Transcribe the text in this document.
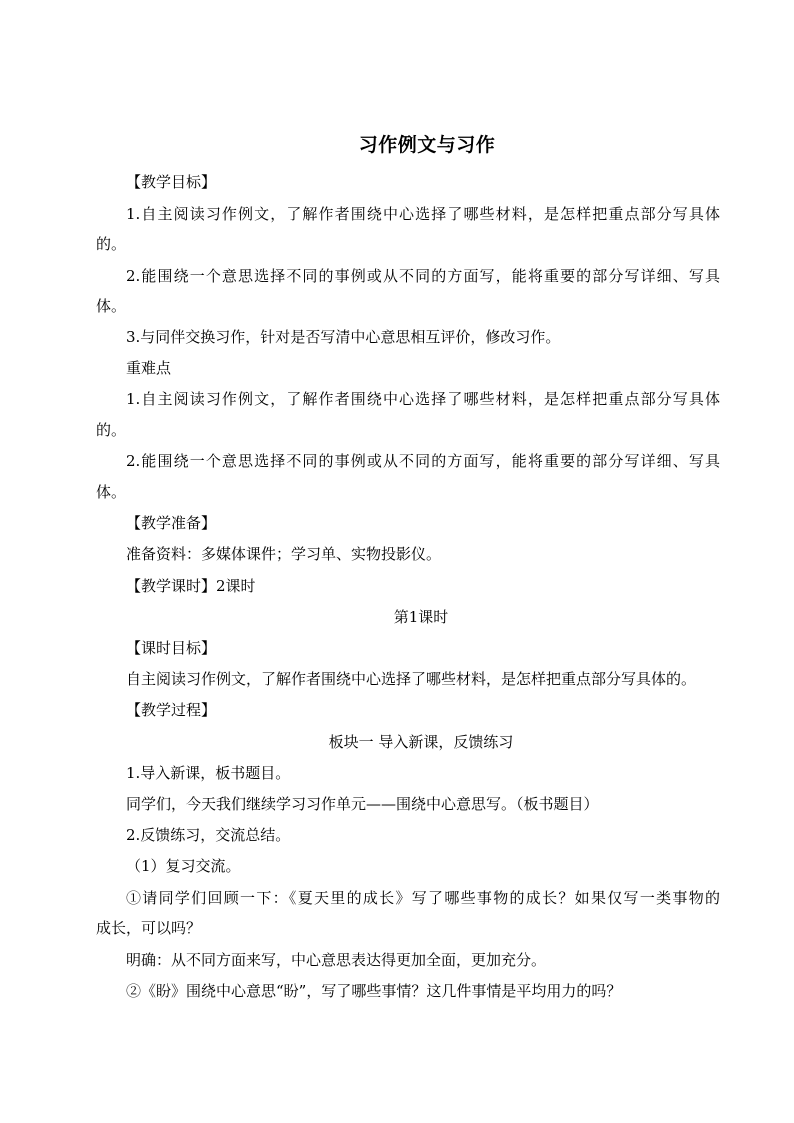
习作例文与习作
【教学目标】
1.自主阅读习作例文，了解作者围绕中心选择了哪些材料，是怎样把重点部分写具体
的。
2.能围绕一个意思选择不同的事例或从不同的方面写，能将重要的部分写详细、写具
体。
3.与同伴交换习作，针对是否写清中心意思相互评价，修改习作。
重难点
1.自主阅读习作例文，了解作者围绕中心选择了哪些材料，是怎样把重点部分写具体
的。
2.能围绕一个意思选择不同的事例或从不同的方面写，能将重要的部分写详细、写具
体。
【教学准备】
准备资料：多媒体课件；学习单、实物投影仪。
【教学课时】2课时
第1课时
【课时目标】
自主阅读习作例文，了解作者围绕中心选择了哪些材料，是怎样把重点部分写具体的。
【教学过程】
板块一 导入新课，反馈练习
1.导入新课，板书题目。
同学们，今天我们继续学习习作单元——围绕中心意思写。（板书题目）
2.反馈练习，交流总结。
（1）复习交流。
①请同学们回顾一下：《夏天里的成长》写了哪些事物的成长？如果仅写一类事物的
成长，可以吗？
明确：从不同方面来写，中心意思表达得更加全面，更加充分。
②《盼》围绕中心意思“盼”，写了哪些事情？这几件事情是平均用力的吗？
